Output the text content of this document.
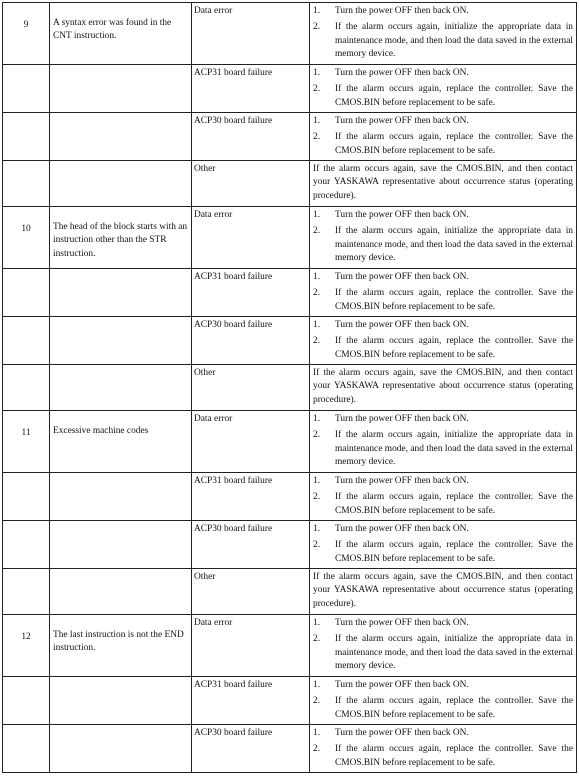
9	A syntax error was found in the CNT instruction.	Data error	1. Turn the power OFF then back ON.
2. If the alarm occurs again, initialize the appropriate data in maintenance mode, and then load the data saved in the external memory device.

		ACP31 board failure	1. Turn the power OFF then back ON.
2. If the alarm occurs again, replace the controller. Save the CMOS.BIN before replacement to be safe.

		ACP30 board failure	1. Turn the power OFF then back ON.
2. If the alarm occurs again, replace the controller. Save the CMOS.BIN before replacement to be safe.

		Other	If the alarm occurs again, save the CMOS.BIN, and then contact your YASKAWA representative about occurrence status (operating procedure).

10	The head of the block starts with an instruction other than the STR instruction.	Data error	1. Turn the power OFF then back ON.
2. If the alarm occurs again, initialize the appropriate data in maintenance mode, and then load the data saved in the external memory device.

		ACP31 board failure	1. Turn the power OFF then back ON.
2. If the alarm occurs again, replace the controller. Save the CMOS.BIN before replacement to be safe.

		ACP30 board failure	1. Turn the power OFF then back ON.
2. If the alarm occurs again, replace the controller. Save the CMOS.BIN before replacement to be safe.

		Other	If the alarm occurs again, save the CMOS.BIN, and then contact your YASKAWA representative about occurrence status (operating procedure).

11	Excessive machine codes	Data error	1. Turn the power OFF then back ON.
2. If the alarm occurs again, initialize the appropriate data in maintenance mode, and then load the data saved in the external memory device.

		ACP31 board failure	1. Turn the power OFF then back ON.
2. If the alarm occurs again, replace the controller. Save the CMOS.BIN before replacement to be safe.

		ACP30 board failure	1. Turn the power OFF then back ON.
2. If the alarm occurs again, replace the controller. Save the CMOS.BIN before replacement to be safe.

		Other	If the alarm occurs again, save the CMOS.BIN, and then contact your YASKAWA representative about occurrence status (operating procedure).

12	The last instruction is not the END instruction.	Data error	1. Turn the power OFF then back ON.
2. If the alarm occurs again, initialize the appropriate data in maintenance mode, and then load the data saved in the external memory device.

		ACP31 board failure	1. Turn the power OFF then back ON.
2. If the alarm occurs again, replace the controller. Save the CMOS.BIN before replacement to be safe.

		ACP30 board failure	1. Turn the power OFF then back ON.
2. If the alarm occurs again, replace the controller. Save the CMOS.BIN before replacement to be safe.
